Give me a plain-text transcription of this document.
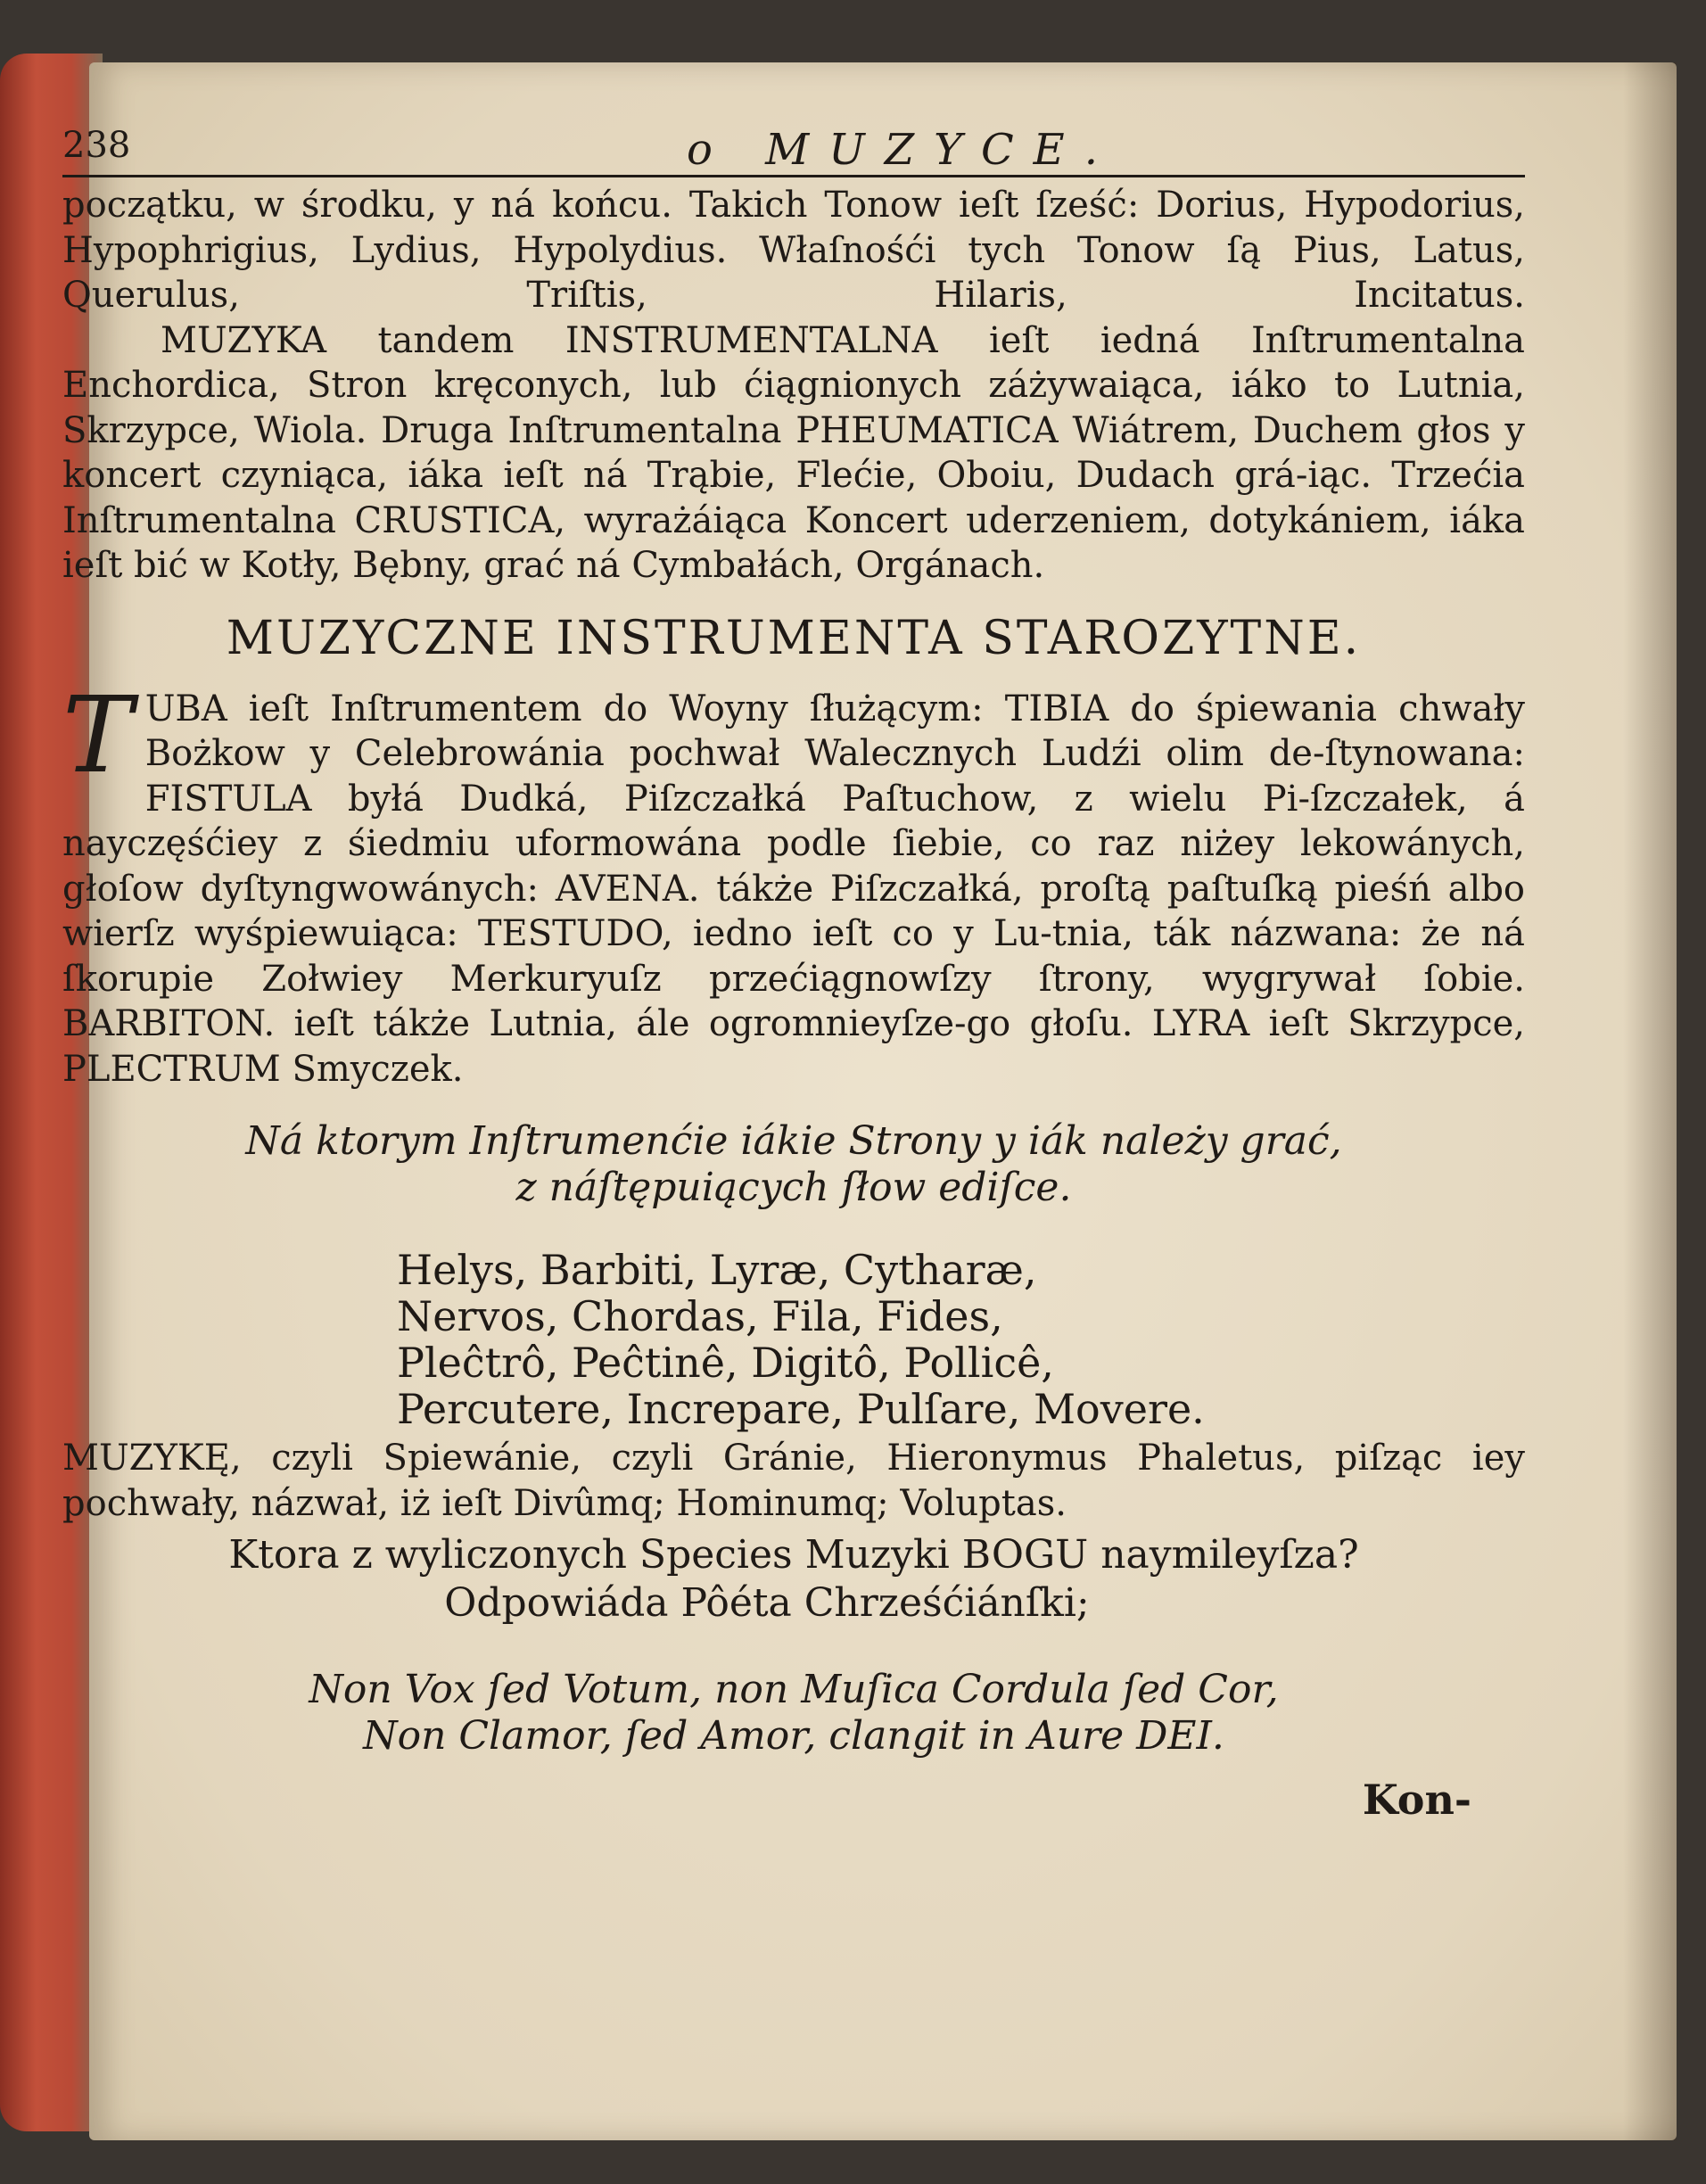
238	o MUZYCE.

początku, w środku, y ná końcu. Takich Tonow ieſt ſześć: Dorius, Hypodorius, Hypophrigius, Lydius, Hypolydius. Właſnośći tych Tonow ſą Pius, Latus, Querulus, Triſtis, Hilaris, Incitatus.

MUZYKA tandem INSTRUMENTALNA ieſt iedná Inſtrumentalna Enchordica, Stron kręconych, lub ćiągnionych záżywaiąca, iáko to Lutnia, Skrzypce, Wiola. Druga Inſtrumentalna PHEUMATICA Wiátrem, Duchem głos y koncert czyniąca, iáka ieſt ná Trąbie, Flećie, Oboiu, Dudach grá-iąc. Trzećia Inſtrumentalna CRUSTICA, wyrażáiąca Koncert uderzeniem, dotykániem, iáka ieſt bić w Kotły, Bębny, grać ná Cymbałách, Orgánach.

MUZYCZNE INSTRUMENTA STAROZYTNE.
T UBA ieſt Inſtrumentem do Woyny ſłużącym: TIBIA do śpiewania chwały Bożkow y Celebrowánia pochwał Walecznych Ludźi olim de-ſtynowana: FISTULA byłá Dudká, Piſzczałká Paſtuchow, z wielu Pi-ſzczałek, á nayczęśćiey z śiedmiu uformowána podle ſiebie, co raz niżey lekowánych, głoſow dyſtyngwowánych: AVENA. tákże Piſzczałká, proſtą paſtuſką pieśń albo wierſz wyśpiewuiąca: TESTUDO, iedno ieſt co y Lu-tnia, ták názwana: że ná ſkorupie Zołwiey Merkuryuſz przećiągnowſzy ſtrony, wygrywał ſobie. BARBITON. ieſt tákże Lutnia, ále ogromnieyſze-go głoſu. LYRA ieſt Skrzypce, PLECTRUM Smyczek.
Ná ktorym Inſtrumenćie iákie Strony y iák należy grać,
z náſtępuiących ſłow ediſce.
Helys, Barbiti, Lyræ, Cytharæ,
Nervos, Chordas, Fila, Fides,
Pleĉtrô, Peĉtinê, Digitô, Pollicê,
Percutere, Increpare, Pulſare, Movere.

MUZYKĘ, czyli Spiewánie, czyli Gránie, Hieronymus Phaletus, piſząc iey pochwały, názwał, iż ieſt Divûmq; Hominumq; Voluptas.

Ktora z wyliczonych Species Muzyki BOGU naymileyſza?
Odpowiáda Pôéta Chrześćiánſki;
Non Vox ſed Votum, non Muſica Cordula ſed Cor,
Non Clamor, ſed Amor, clangit in Aure DEI.
Kon-
